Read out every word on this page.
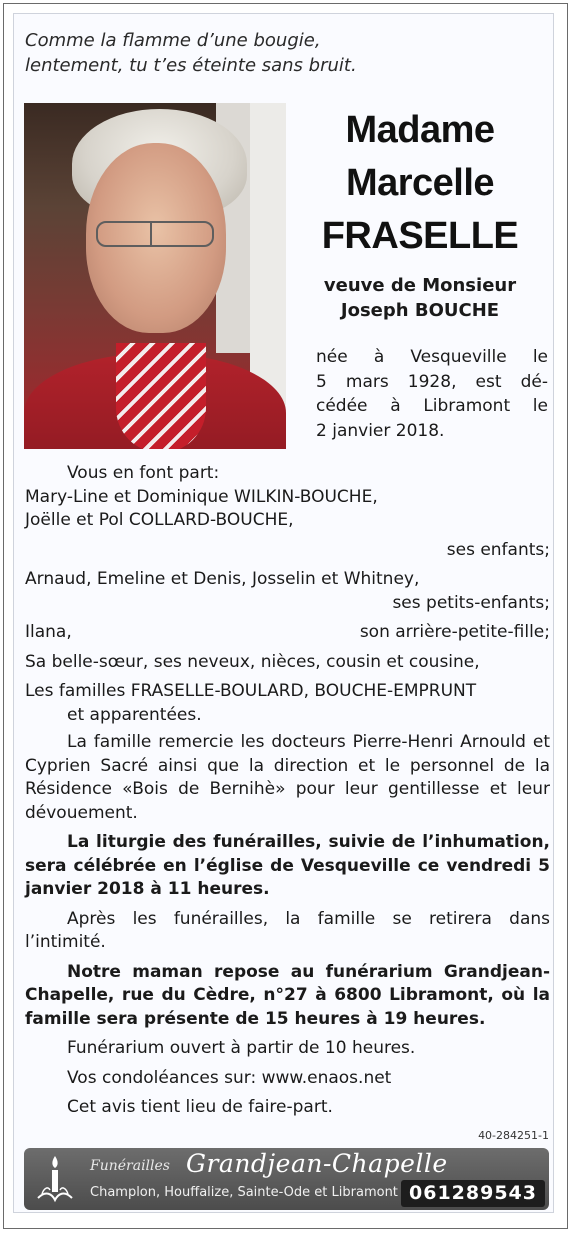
Comme la flamme d’une bougie,
lentement, tu t’es éteinte sans bruit.
Madame
Marcelle
FRASELLE
veuve de Monsieur
Joseph BOUCHE
née à Vesqueville le
5 mars 1928, est dé-
cédée à Libramont le
2 janvier 2018.
Vous en font part:
Mary-Line et Dominique WILKIN-BOUCHE,
Joëlle et Pol COLLARD-BOUCHE,
ses enfants;
Arnaud, Emeline et Denis, Josselin et Whitney,
ses petits-enfants;
Ilana,	son arrière-petite-fille;
Sa belle-sœur, ses neveux, nièces, cousin et cousine,
Les familles FRASELLE-BOULARD, BOUCHE-EMPRUNT
et apparentées.
La famille remercie les docteurs Pierre-Henri Arnould et Cyprien Sacré ainsi que la direction et le personnel de la Résidence «Bois de Bernihè» pour leur gentillesse et leur dévouement.
La liturgie des funérailles, suivie de l’inhumation, sera célébrée en l’église de Vesqueville ce vendredi 5 janvier 2018 à 11 heures.
Après les funérailles, la famille se retirera dans l’intimité.
Notre maman repose au funérarium Grandjean-Chapelle, rue du Cèdre, n°27 à 6800 Libramont, où la famille sera présente de 15 heures à 19 heures.
Funérarium ouvert à partir de 10 heures.
Vos condoléances sur: www.enaos.net
Cet avis tient lieu de faire-part.
40-284251-1
Funérailles Grandjean-Chapelle
Champlon, Houffalize, Sainte-Ode et Libramont 061289543
